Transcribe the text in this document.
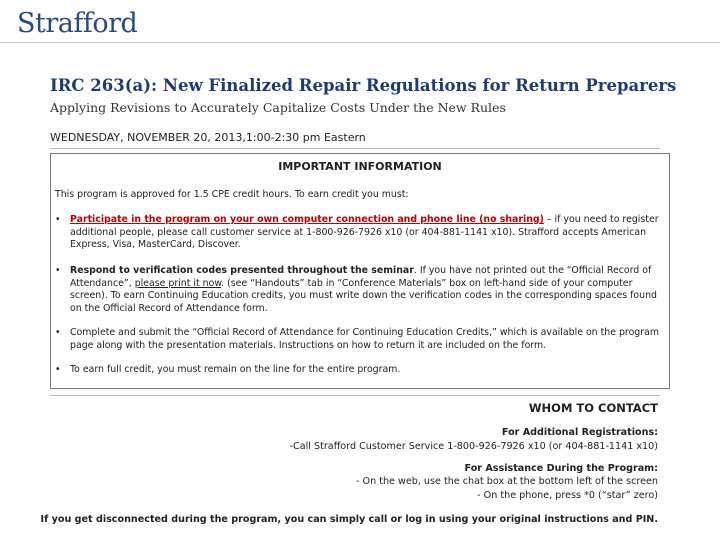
Strafford
IRC 263(a): New Finalized Repair Regulations for Return Preparers
Applying Revisions to Accurately Capitalize Costs Under the New Rules
WEDNESDAY, NOVEMBER 20, 2013,1:00-2:30 pm Eastern
IMPORTANT INFORMATION
This program is approved for 1.5 CPE credit hours. To earn credit you must:
• Participate in the program on your own computer connection and phone line (no sharing) – if you need to register additional people, please call customer service at 1-800-926-7926 x10 (or 404-881-1141 x10). Strafford accepts American Express, Visa, MasterCard, Discover.
• Respond to verification codes presented throughout the seminar. If you have not printed out the “Official Record of Attendance”, please print it now. (see “Handouts” tab in “Conference Materials” box on left-hand side of your computer screen). To earn Continuing Education credits, you must write down the verification codes in the corresponding spaces found on the Official Record of Attendance form.
• Complete and submit the “Official Record of Attendance for Continuing Education Credits,” which is available on the program page along with the presentation materials. Instructions on how to return it are included on the form.
• To earn full credit, you must remain on the line for the entire program.
WHOM TO CONTACT
For Additional Registrations:
-Call Strafford Customer Service 1-800-926-7926 x10 (or 404-881-1141 x10)
For Assistance During the Program:
- On the web, use the chat box at the bottom left of the screen
- On the phone, press *0 (“star” zero)
If you get disconnected during the program, you can simply call or log in using your original instructions and PIN.
